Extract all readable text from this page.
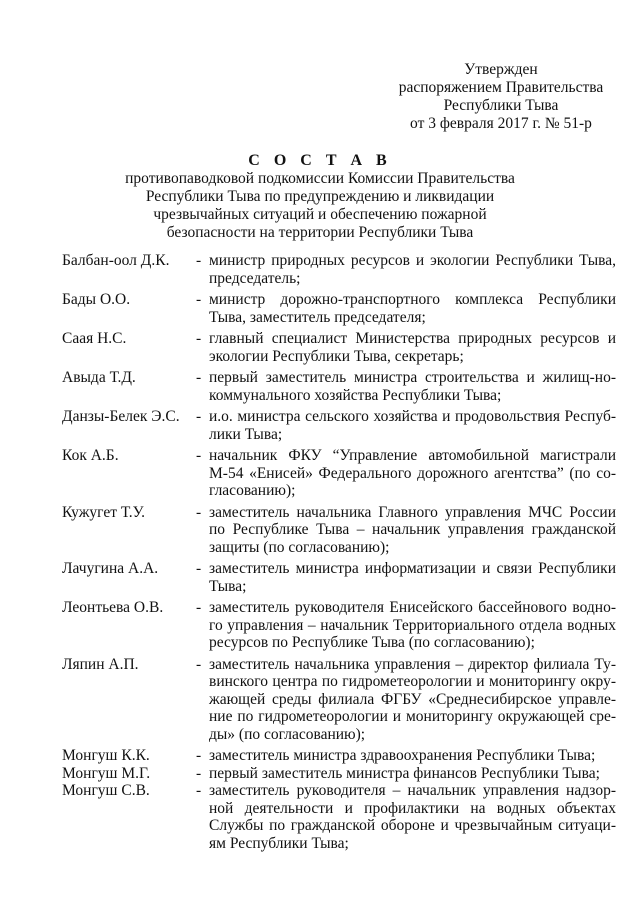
Утвержден
распоряжением Правительства
Республики Тыва
от 3 февраля 2017 г. № 51-р
С О С Т А В
противопаводковой подкомиссии Комиссии Правительства
Республики Тыва по предупреждению и ликвидации
чрезвычайных ситуаций и обеспечению пожарной
безопасности на территории Республики Тыва
Балбан-оол Д.К.	- министр природных ресурсов и экологии Республики Тыва, председатель;
Бады О.О.	- министр дорожно-транспортного комплекса Республики Тыва, заместитель председателя;
Саая Н.С.	- главный специалист Министерства природных ресурсов и экологии Республики Тыва, секретарь;
Авыда Т.Д.	- первый заместитель министра строительства и жилищ-но-коммунального хозяйства Республики Тыва;
Данзы-Белек Э.С.	- и.о. министра сельского хозяйства и продовольствия Респуб-лики Тыва;
Кок А.Б.	- начальник ФКУ “Управление автомобильной магистрали М-54 «Енисей» Федерального дорожного агентства” (по со-гласованию);
Кужугет Т.У.	- заместитель начальника Главного управления МЧС России по Республике Тыва – начальник управления гражданской защиты (по согласованию);
Лачугина А.А.	- заместитель министра информатизации и связи Республики Тыва;
Леонтьева О.В.	- заместитель руководителя Енисейского бассейнового водно-го управления – начальник Территориального отдела водных ресурсов по Республике Тыва (по согласованию);
Ляпин А.П.	- заместитель начальника управления – директор филиала Ту-винского центра по гидрометеорологии и мониторингу окру-жающей среды филиала ФГБУ «Среднесибирское управле-ние по гидрометеорологии и мониторингу окружающей сре-ды» (по согласованию);
Монгуш К.К.	- заместитель министра здравоохранения Республики Тыва;
Монгуш М.Г.	- первый заместитель министра финансов Республики Тыва;
Монгуш С.В.	- заместитель руководителя – начальник управления надзор-ной деятельности и профилактики на водных объектах Службы по гражданской обороне и чрезвычайным ситуаци-ям Республики Тыва;
